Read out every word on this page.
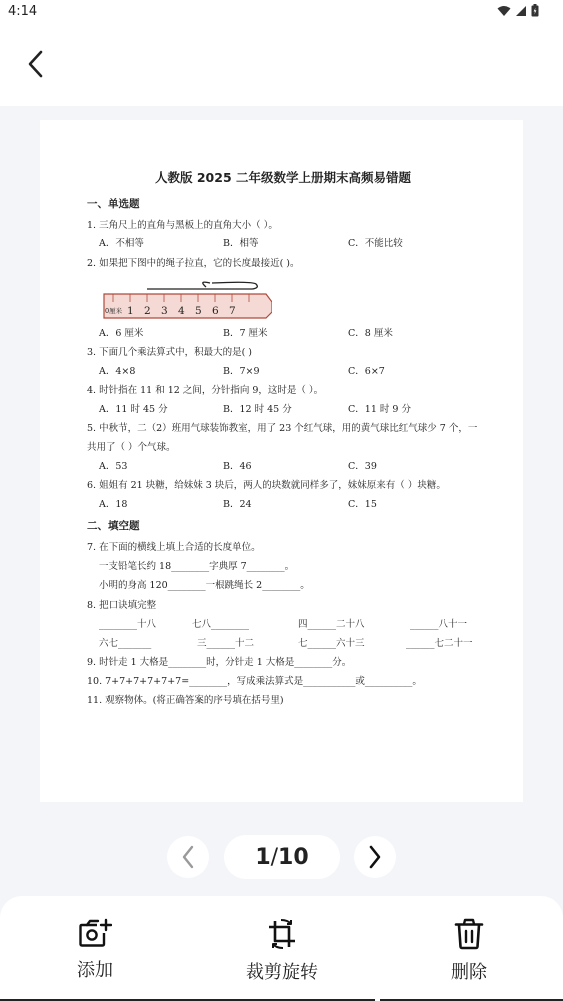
4:14
人教版 2025 二年级数学上册期末高频易错题
一、单选题
1. 三角尺上的直角与黑板上的直角大小（ ）。
A．不相等	B．相等	C．不能比较
2. 如果把下图中的绳子拉直，它的长度最接近( )。
0厘米 1 2 3 4 5 6 7
A．6 厘米	B．7 厘米	C．8 厘米
3. 下面几个乘法算式中，积最大的是( )
A．4×8	B．7×9	C．6×7
4. 时针指在 11 和 12 之间，分针指向 9，这时是（ ）。
A．11 时 45 分	B．12 时 45 分	C．11 时 9 分
5. 中秋节，二（2）班用气球装饰教室，用了 23 个红气球，用的黄气球比红气球少 7 个，一
共用了（ ）个气球。
A．53	B．46	C．39
6. 姐姐有 21 块糖，给妹妹 3 块后，两人的块数就同样多了，妹妹原来有（ ）块糖。
A．18	B．24	C．15
二、填空题
7. 在下面的横线上填上合适的长度单位。
一支铅笔长约 18________字典厚 7________。
小明的身高 120________一根跳绳长 2________。
8. 把口诀填完整
________十八	七八________	四______二十八	______八十一
六七_______	三______十二	七______六十三	______七二十一
9. 时针走 1 大格是________时，分针走 1 大格是________分。
10. 7+7+7+7+7+7=________，写成乘法算式是___________或__________。
11. 观察物体。(将正确答案的序号填在括号里)
1 / 10
添加	裁剪旋转	删除
